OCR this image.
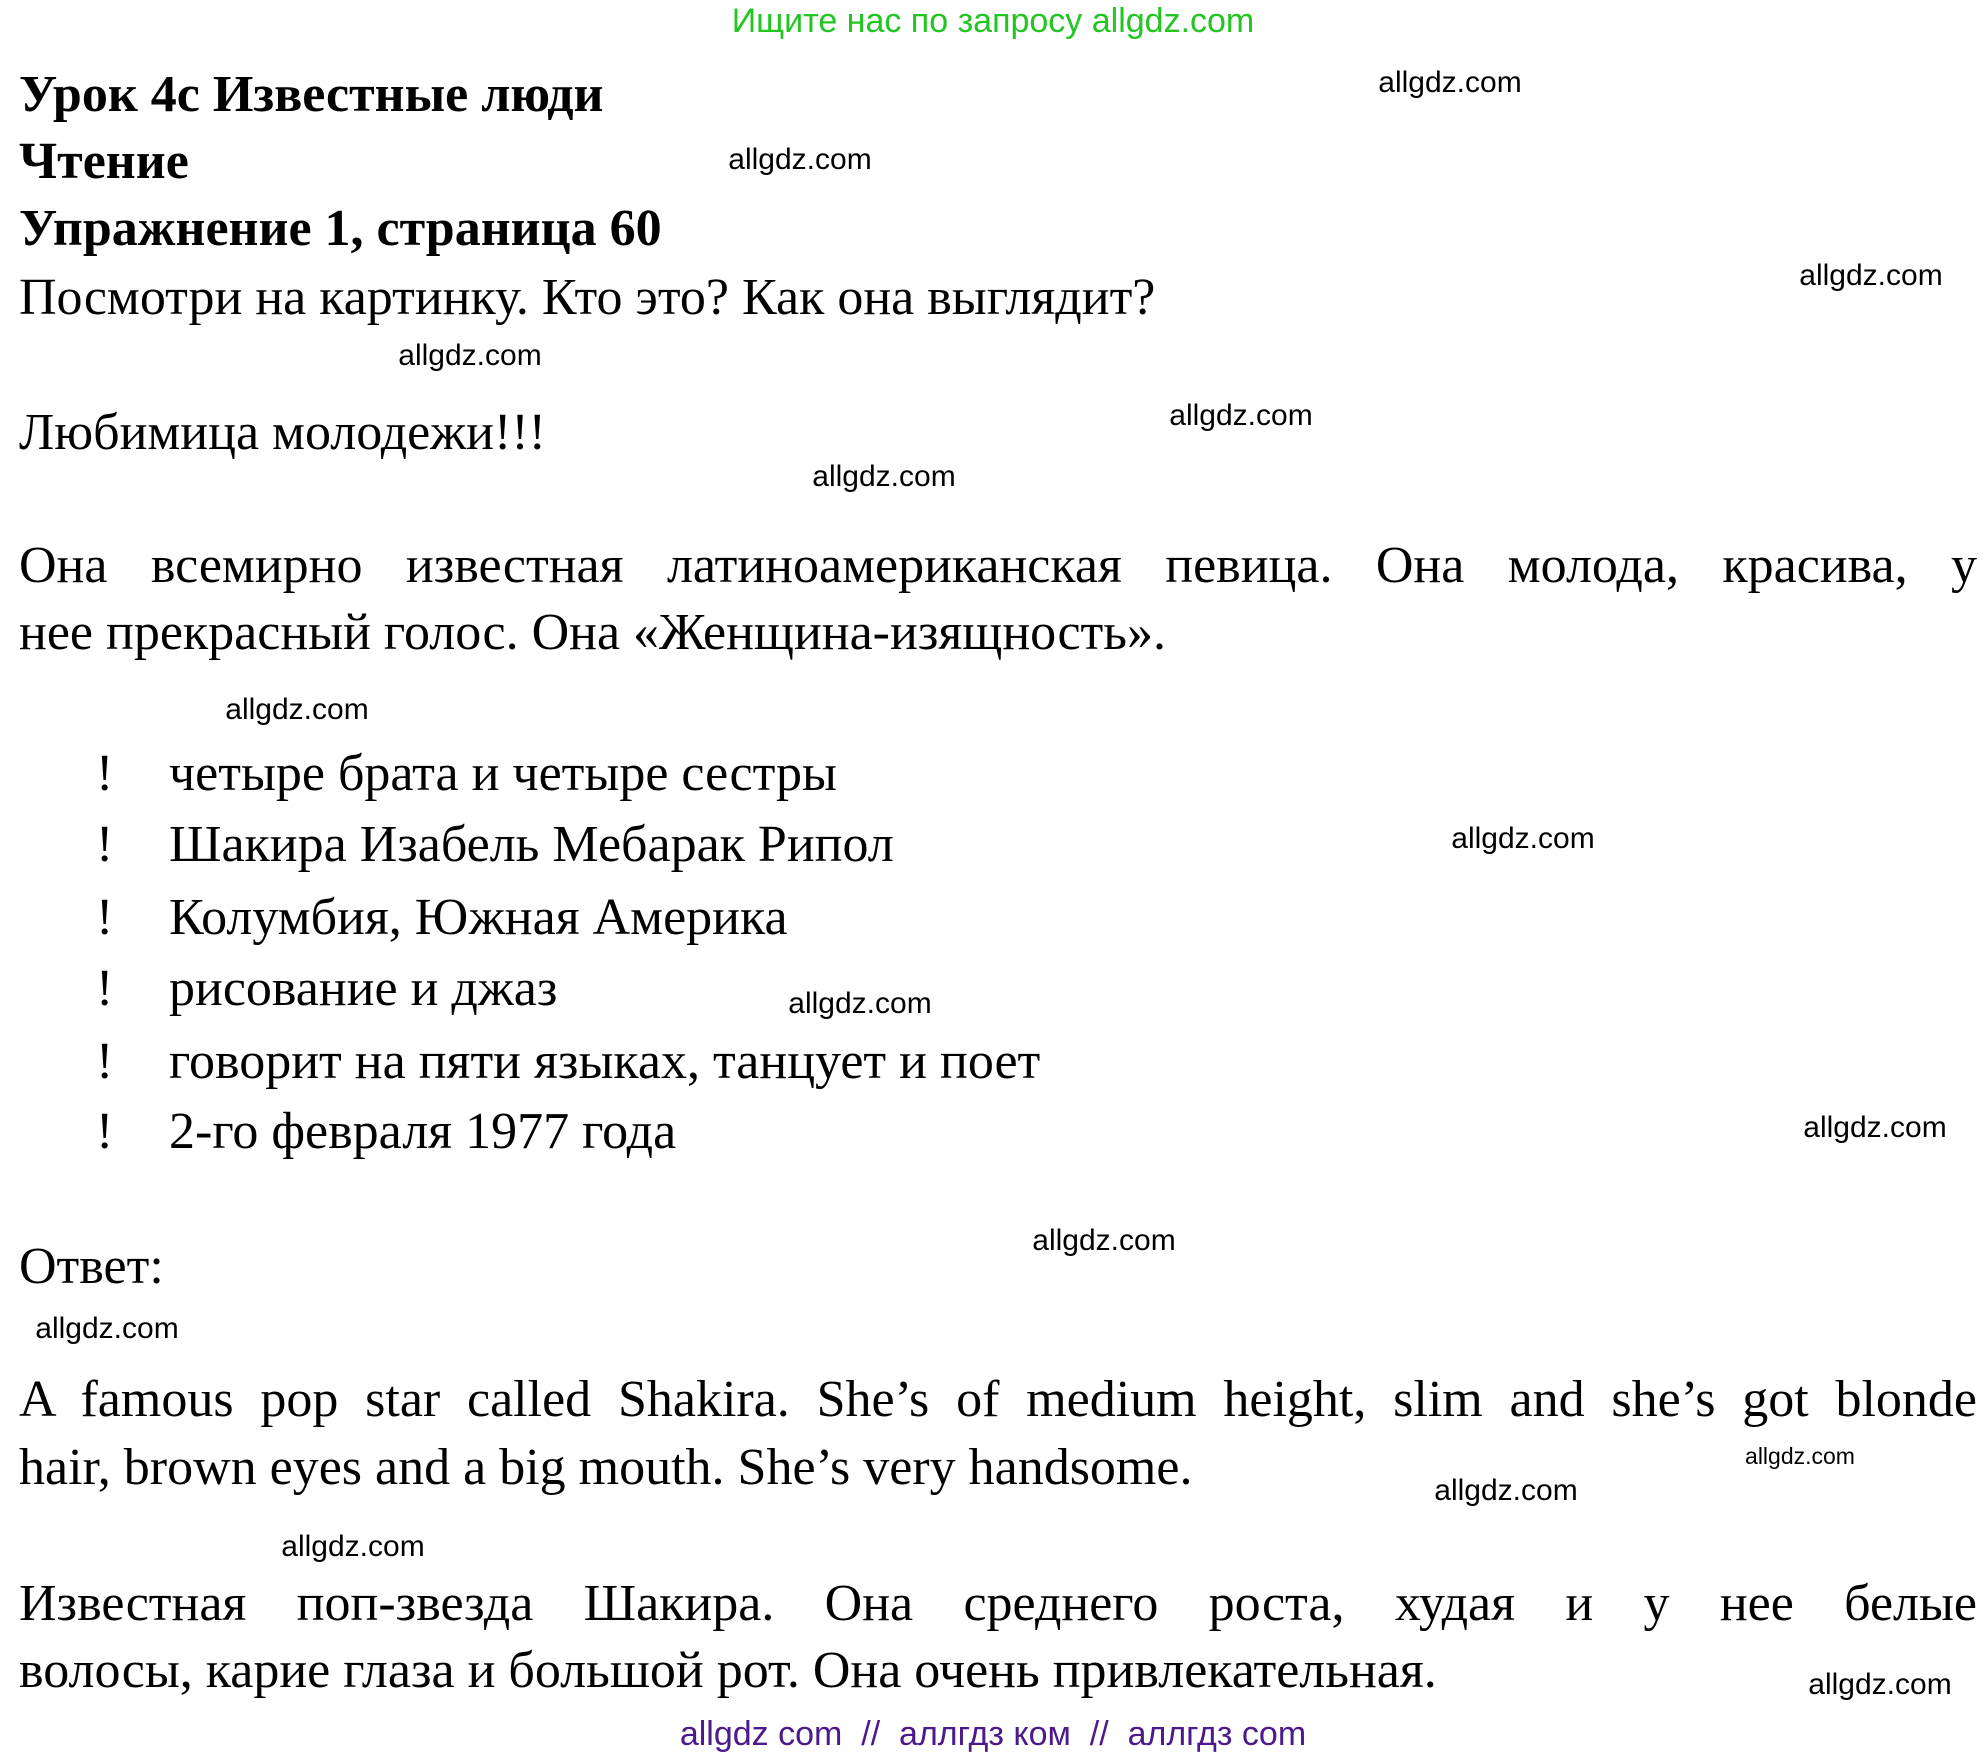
Ищите нас по запросу allgdz.com
Урок 4c Известные люди
Чтение
Упражнение 1, страница 60
Посмотри на картинку. Кто это? Как она выглядит?
Любимица молодежи!!!
Она всемирно известная латиноамериканская певица. Она молода, красива, у
нее прекрасный голос. Она «Женщина-изящность».
! четыре брата и четыре сестры
! Шакира Изабель Мебарак Рипол
! Колумбия, Южная Америка
! рисование и джаз
! говорит на пяти языках, танцует и поет
! 2-го февраля 1977 года
Ответ:
A famous pop star called Shakira. She’s of medium height, slim and she’s got blonde
hair, brown eyes and a big mouth. She’s very handsome.
Известная поп-звезда Шакира. Она среднего роста, худая и у нее белые
волосы, карие глаза и большой рот. Она очень привлекательная.
allgdz.com
allgdz.com
allgdz.com
allgdz.com
allgdz.com
allgdz.com
allgdz.com
allgdz.com
allgdz.com
allgdz.com
allgdz.com
allgdz.com
allgdz.com
allgdz.com
allgdz.com
allgdz.com
allgdz com  //  аллгдз ком  //  аллгдз com
